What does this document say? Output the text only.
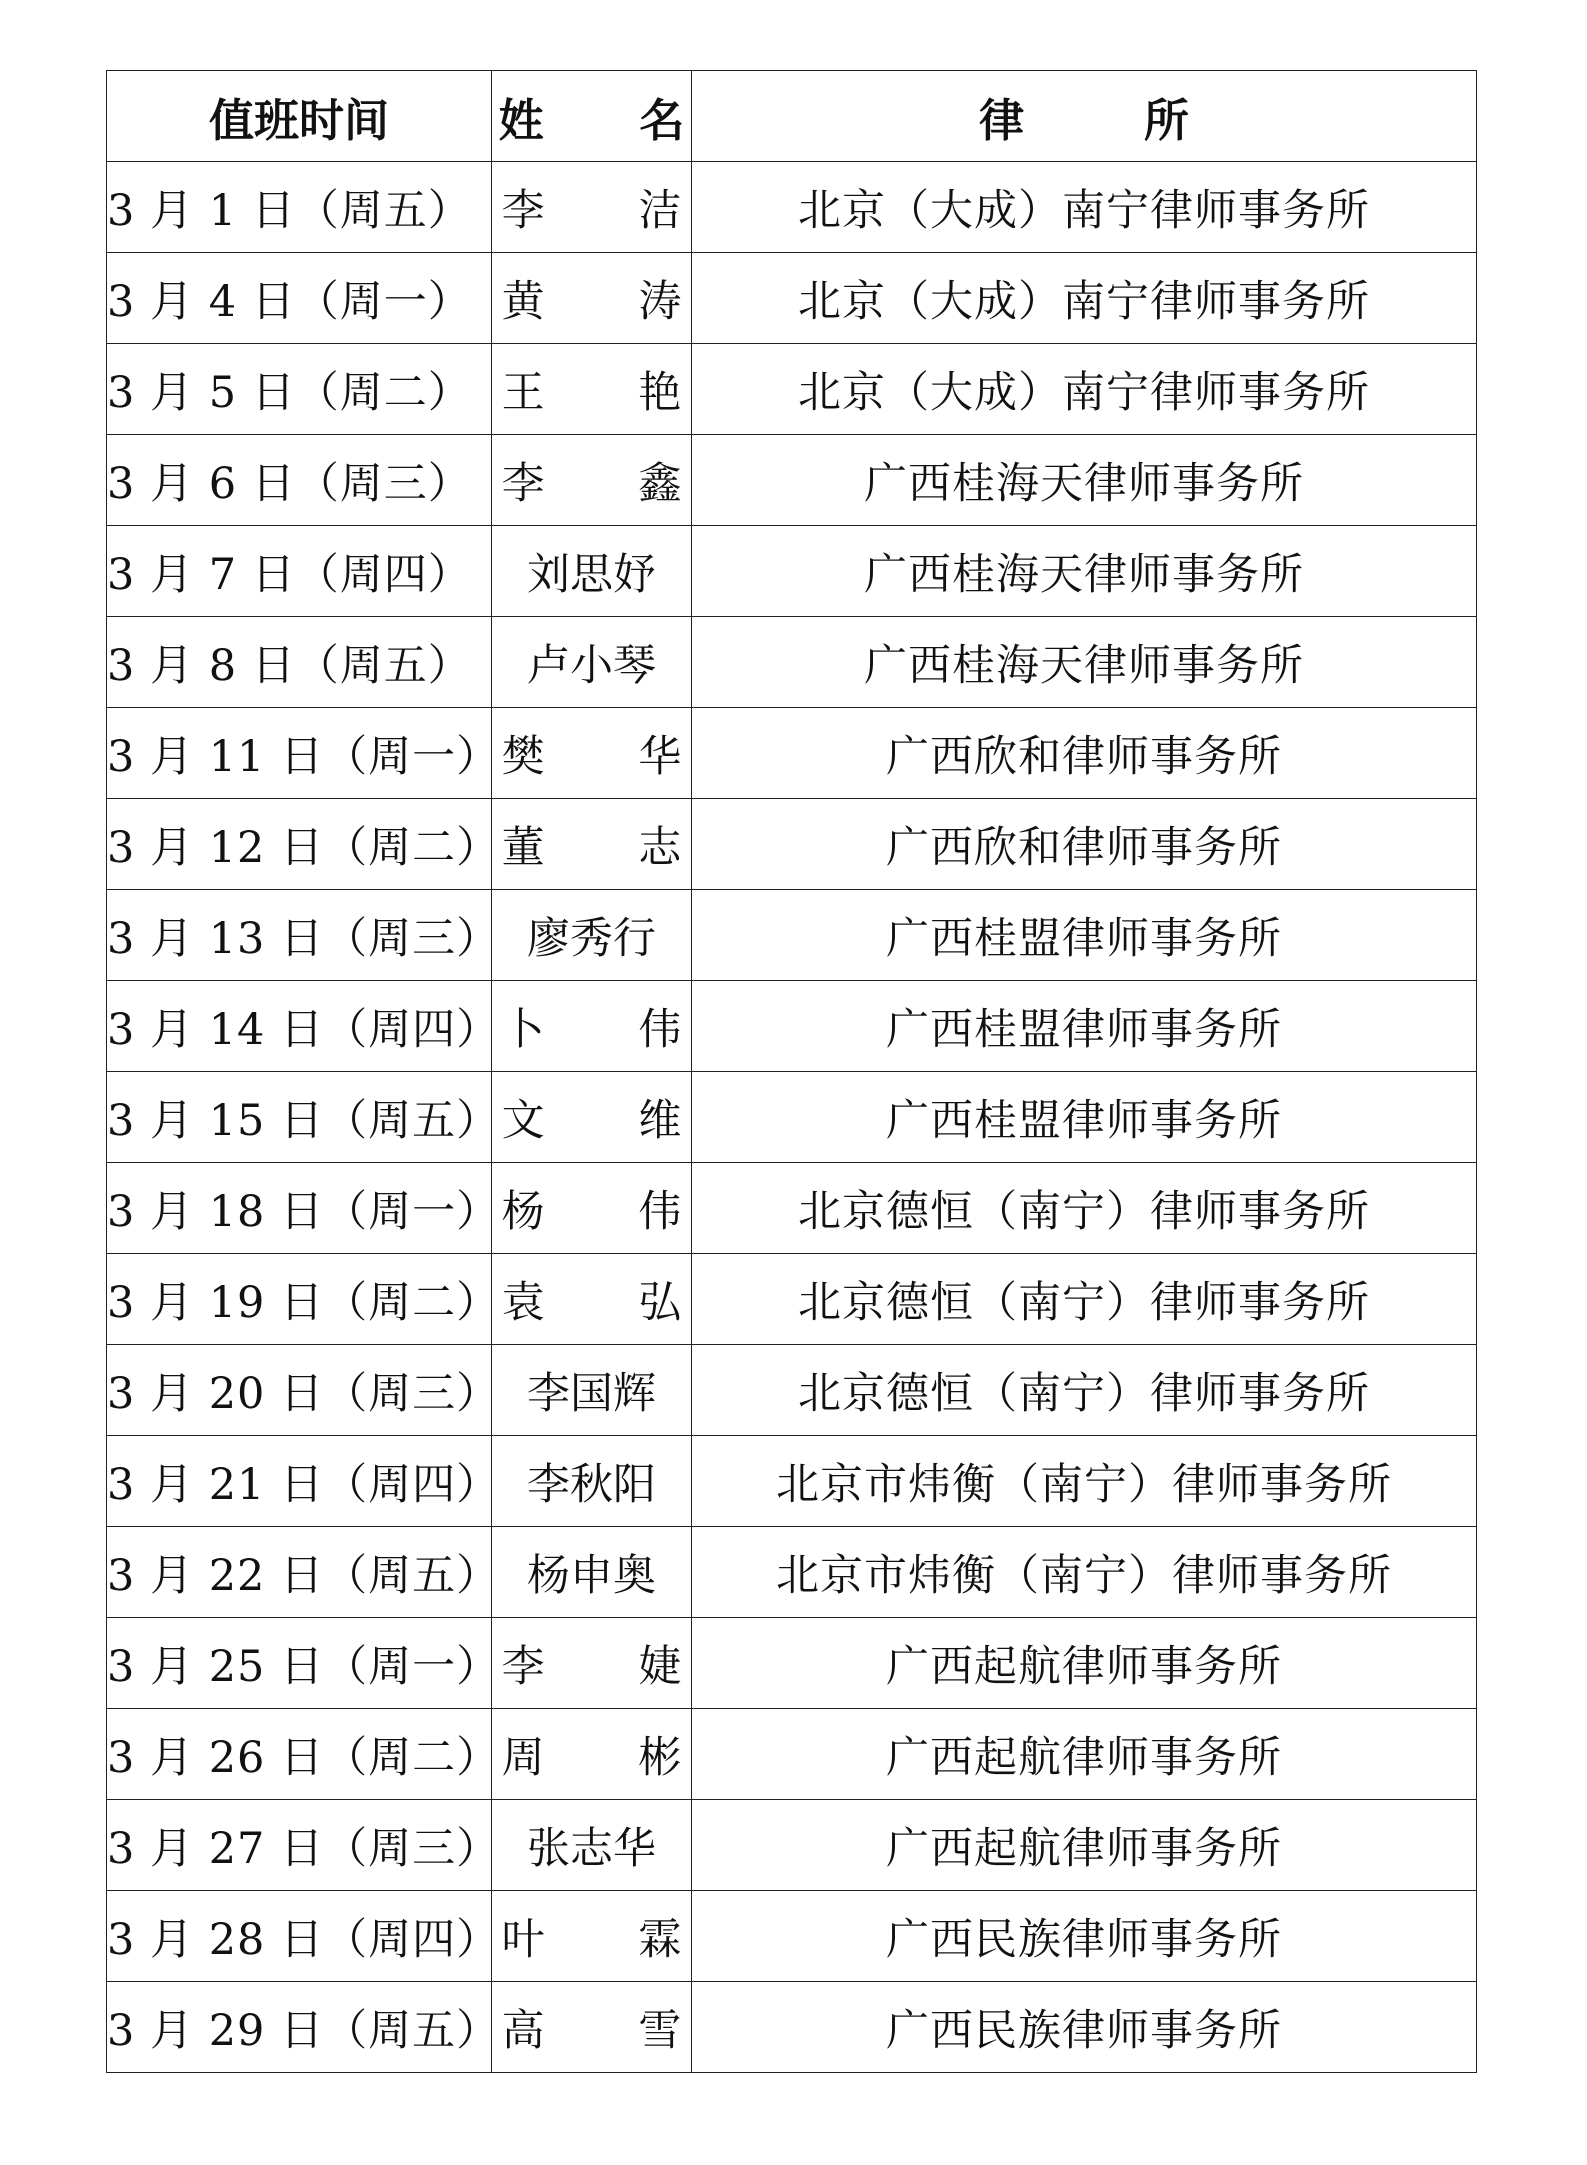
值班时间	姓 名	律 所
3 月 1 日（周五）	李 洁	北京（大成）南宁律师事务所
3 月 4 日（周一）	黄 涛	北京（大成）南宁律师事务所
3 月 5 日（周二）	王 艳	北京（大成）南宁律师事务所
3 月 6 日（周三）	李 鑫	广西桂海天律师事务所
3 月 7 日（周四）	刘思妤	广西桂海天律师事务所
3 月 8 日（周五）	卢小琴	广西桂海天律师事务所
3 月 11 日（周一）	樊 华	广西欣和律师事务所
3 月 12 日（周二）	董 志	广西欣和律师事务所
3 月 13 日（周三）	廖秀行	广西桂盟律师事务所
3 月 14 日（周四）	卜 伟	广西桂盟律师事务所
3 月 15 日（周五）	文 维	广西桂盟律师事务所
3 月 18 日（周一）	杨 伟	北京德恒（南宁）律师事务所
3 月 19 日（周二）	袁 弘	北京德恒（南宁）律师事务所
3 月 20 日（周三）	李国辉	北京德恒（南宁）律师事务所
3 月 21 日（周四）	李秋阳	北京市炜衡（南宁）律师事务所
3 月 22 日（周五）	杨申奥	北京市炜衡（南宁）律师事务所
3 月 25 日（周一）	李 婕	广西起航律师事务所
3 月 26 日（周二）	周 彬	广西起航律师事务所
3 月 27 日（周三）	张志华	广西起航律师事务所
3 月 28 日（周四）	叶 霖	广西民族律师事务所
3 月 29 日（周五）	高 雪	广西民族律师事务所
